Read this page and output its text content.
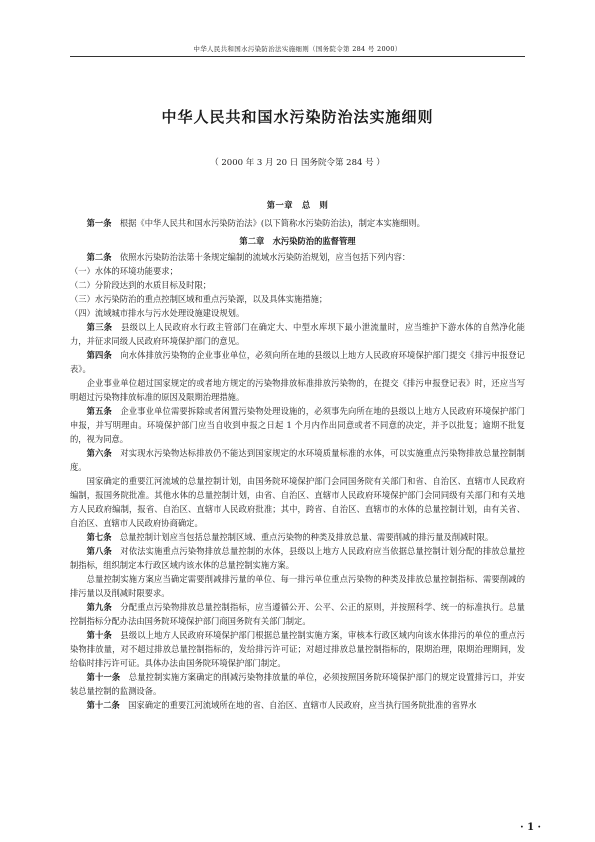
中华人民共和国水污染防治法实施细则（国务院令第 284 号 2000）
中华人民共和国水污染防治法实施细则
（ 2000 年 3 月 20 日 国务院令第 284 号 ）

第一章　总　则

第一条　 根据《中华人民共和国水污染防治法》(以下简称水污染防治法)，制定本实施细则。

第二章　水污染防治的监督管理

第二条　 依照水污染防治法第十条规定编制的流域水污染防治规划，应当包括下列内容：

（一）水体的环境功能要求；

（二）分阶段达到的水质目标及时限；

（三）水污染防治的重点控制区域和重点污染源，以及具体实施措施；

（四）流域城市排水与污水处理设施建设规划。

第三条　 县级以上人民政府水行政主管部门在确定大、中型水库坝下最小泄流量时，应当维护下游水体的自然净化能力，并征求同级人民政府环境保护部门的意见。

第四条　 向水体排放污染物的企业事业单位，必须向所在地的县级以上地方人民政府环境保护部门提交《排污申报登记表》。

企业事业单位超过国家规定的或者地方规定的污染物排放标准排放污染物的，在提交《排污申报登记表》时，还应当写明超过污染物排放标准的原因及限期治理措施。

第五条　 企业事业单位需要拆除或者闲置污染物处理设施的，必须事先向所在地的县级以上地方人民政府环境保护部门申报，并写明理由。环境保护部门应当自收到申报之日起 1 个月内作出同意或者不同意的决定，并予以批复；逾期不批复的，视为同意。

第六条　 对实现水污染物达标排放仍不能达到国家规定的水环境质量标准的水体，可以实施重点污染物排放总量控制制度。

国家确定的重要江河流域的总量控制计划，由国务院环境保护部门会同国务院有关部门和省、自治区、直辖市人民政府编制，报国务院批准。其他水体的总量控制计划，由省、自治区、直辖市人民政府环境保护部门会同同级有关部门和有关地方人民政府编制，报省、自治区、直辖市人民政府批准；其中，跨省、自治区、直辖市的水体的总量控制计划，由有关省、自治区、直辖市人民政府协商确定。

第七条　 总量控制计划应当包括总量控制区域、重点污染物的种类及排放总量、需要削减的排污量及削减时限。

第八条　 对依法实施重点污染物排放总量控制的水体，县级以上地方人民政府应当依据总量控制计划分配的排放总量控制指标，组织制定本行政区域内该水体的总量控制实施方案。

总量控制实施方案应当确定需要削减排污量的单位、每一排污单位重点污染物的种类及排放总量控制指标、需要削减的排污量以及削减时限要求。

第九条　 分配重点污染物排放总量控制指标，应当遵循公开、公平、公正的原则，并按照科学、统一的标准执行。总量控制指标分配办法由国务院环境保护部门商国务院有关部门制定。

第十条　 县级以上地方人民政府环境保护部门根据总量控制实施方案，审核本行政区域内向该水体排污的单位的重点污染物排放量，对不超过排放总量控制指标的，发给排污许可证；对超过排放总量控制指标的，限期治理，限期治理期间，发给临时排污许可证。具体办法由国务院环境保护部门制定。

第十一条　 总量控制实施方案确定的削减污染物排放量的单位，必须按照国务院环境保护部门的规定设置排污口，并安装总量控制的监测设备。

第十二条　 国家确定的重要江河流域所在地的省、自治区、直辖市人民政府，应当执行国务院批准的省界水

· 1 ·
